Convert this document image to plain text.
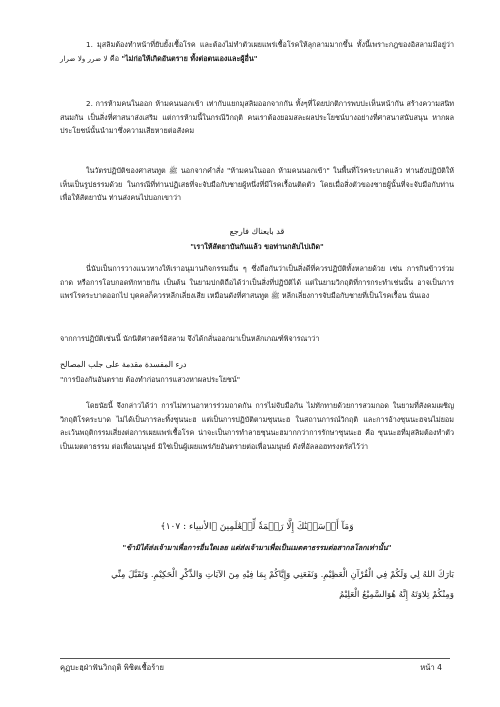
1. มุสลิมต้องทำหน้าที่ยับยั้งเชื้อโรค และต้องไม่ทำตัวเผยแพร่เชื้อโรคให้ลุกลามมากขึ้น ทั้งนี้เพราะกฎของอิสลามมีอยู่ว่า لا ضرر ولا ضرار คือ "ไม่ก่อให้เกิดอันตราย ทั้งต่อตนเองและผู้อื่น"

2. การห้ามคนในออก ห้ามคนนอกเข้า เท่ากับแยกมุสลิมออกจากกัน ทั้งๆที่โดยปกติการพบปะเห็นหน้ากัน สร้างความสนิทสนมกัน เป็นสิ่งที่ศาสนาส่งเสริม แต่การห้ามนี้ในกรณีวิกฤติ คนเราต้องยอมสละผลประโยชน์บางอย่างที่ศาสนาสนับสนุน หากผลประโยชน์นั้นนำมาซึ่งความเสียหายต่อสังคม

ในวัตรปฏิบัติของศาสนทูต ﷺ นอกจากคำสั่ง "ห้ามคนในออก ห้ามคนนอกเข้า" ในพื้นที่โรคระบาดแล้ว ท่านยังปฏิบัติให้เห็นเป็นรูปธรรมด้วย ในกรณีที่ท่านปฏิเสธที่จะจับมือกับชายผู้หนึ่งที่มีโรคเรื้อนติดตัว โดยเมื่อสิ่งตัวของชายผู้นั้นที่จะจับมือกับท่านเพื่อให้สัตยาบัน ท่านส่งคนไปบอกเขาว่า

قد بايعناك فارجع

"เราให้สัตยาบันกันแล้ว ขอท่านกลับไปเถิด"

นี่นับเป็นการวางแนวทางให้เราอนุมานกิจกรรมอื่น ๆ ซึ่งถือกันว่าเป็นสิ่งดีที่ควรปฏิบัติทั้งหลายด้วย เช่น การกินข้าวร่วมถาด หรือการโอบกอดทักทายกัน เป็นต้น ในยามปกติถือได้ว่าเป็นสิ่งที่ปฏิบัติได้ แต่ในยามวิกฤติที่การกระทำเช่นนั้น อาจเป็นการแพร่โรคระบาดออกไป บุคคลก็ควรหลีกเลี่ยงเสีย เหมือนดังที่ศาสนทูต ﷺ หลีกเลี่ยงการจับมือกับชายที่เป็นโรคเรื้อน นั่นเอง

จากการปฏิบัติเช่นนี้ นักนิติศาสตร์อิสลาม จึงได้กลั่นออกมาเป็นหลักเกณฑ์พิจารณาว่า

درء المفسدة مقدمة على جلب المصالح

"การป้องกันอันตราย ต้องทำก่อนการแสวงหาผลประโยชน์"

โดยนัยนี้ จึงกล่าวได้ว่า การไม่ทานอาหารร่วมถาดกัน การไม่จับมือกัน ไม่ทักทายด้วยการสวมกอด ในยามที่สังคมเผชิญวิกฤติโรคระบาด ไม่ได้เป็นการละทิ้งซุนนะฮ แต่เป็นการปฏิบัติตามซุนนะฮ ในสถานการณ์วิกฤติ และการอ้างซุนนะฮจนไม่ยอมละเว้นพฤติกรรมเสี่ยงต่อการเผยแพร่เชื้อโรค น่าจะเป็นการทำลายซุนนะฮมากกว่าการรักษาซุนนะฮ คือ ซุนนะฮที่มุสลิมต้องทำตัวเป็นเมตตาธรรม ต่อเพื่อนมนุษย์ มิใช่เป็นผู้เผยแพร่ภัยอันตรายต่อเพื่อนมนุษย์ ดังที่อัลลอฮทรงตรัสไว้ว่า

وَمَآ أَرۡسَلۡنَٰكَ إِلَّا رَحۡمَةٗ لِّلۡعَٰلَمِينَ ﴿الأنبياء : ١٠٧﴾

"ข้ามิได้ส่งเจ้ามาเพื่อการอื่นใดเลย แต่ส่งเจ้ามาเพื่อเป็นเมตตาธรรมต่อสากลโลกเท่านั้น"

بَارَكَ اللهُ لِي وَلَكُمْ فِي الْقُرْآنِ الْعَظِيْمِ. وَنَفَعَنِي وَإِيَّاكُمْ بِمَا فِيْهِ مِنَ الآيَاتِ وَالذِّكْرِ الْحَكِيْمِ. وَتَقَبَّلَ مِنِّي

وَمِنْكُمْ تِلاوَتَهُ إِنَّهُ هُوَالسَّمِيْعُ الْعَلِيْمُ

คุฏบะฮฺฝ่าฟันวิกฤติ พิชิตเชื้อร้าย	หน้า 4
